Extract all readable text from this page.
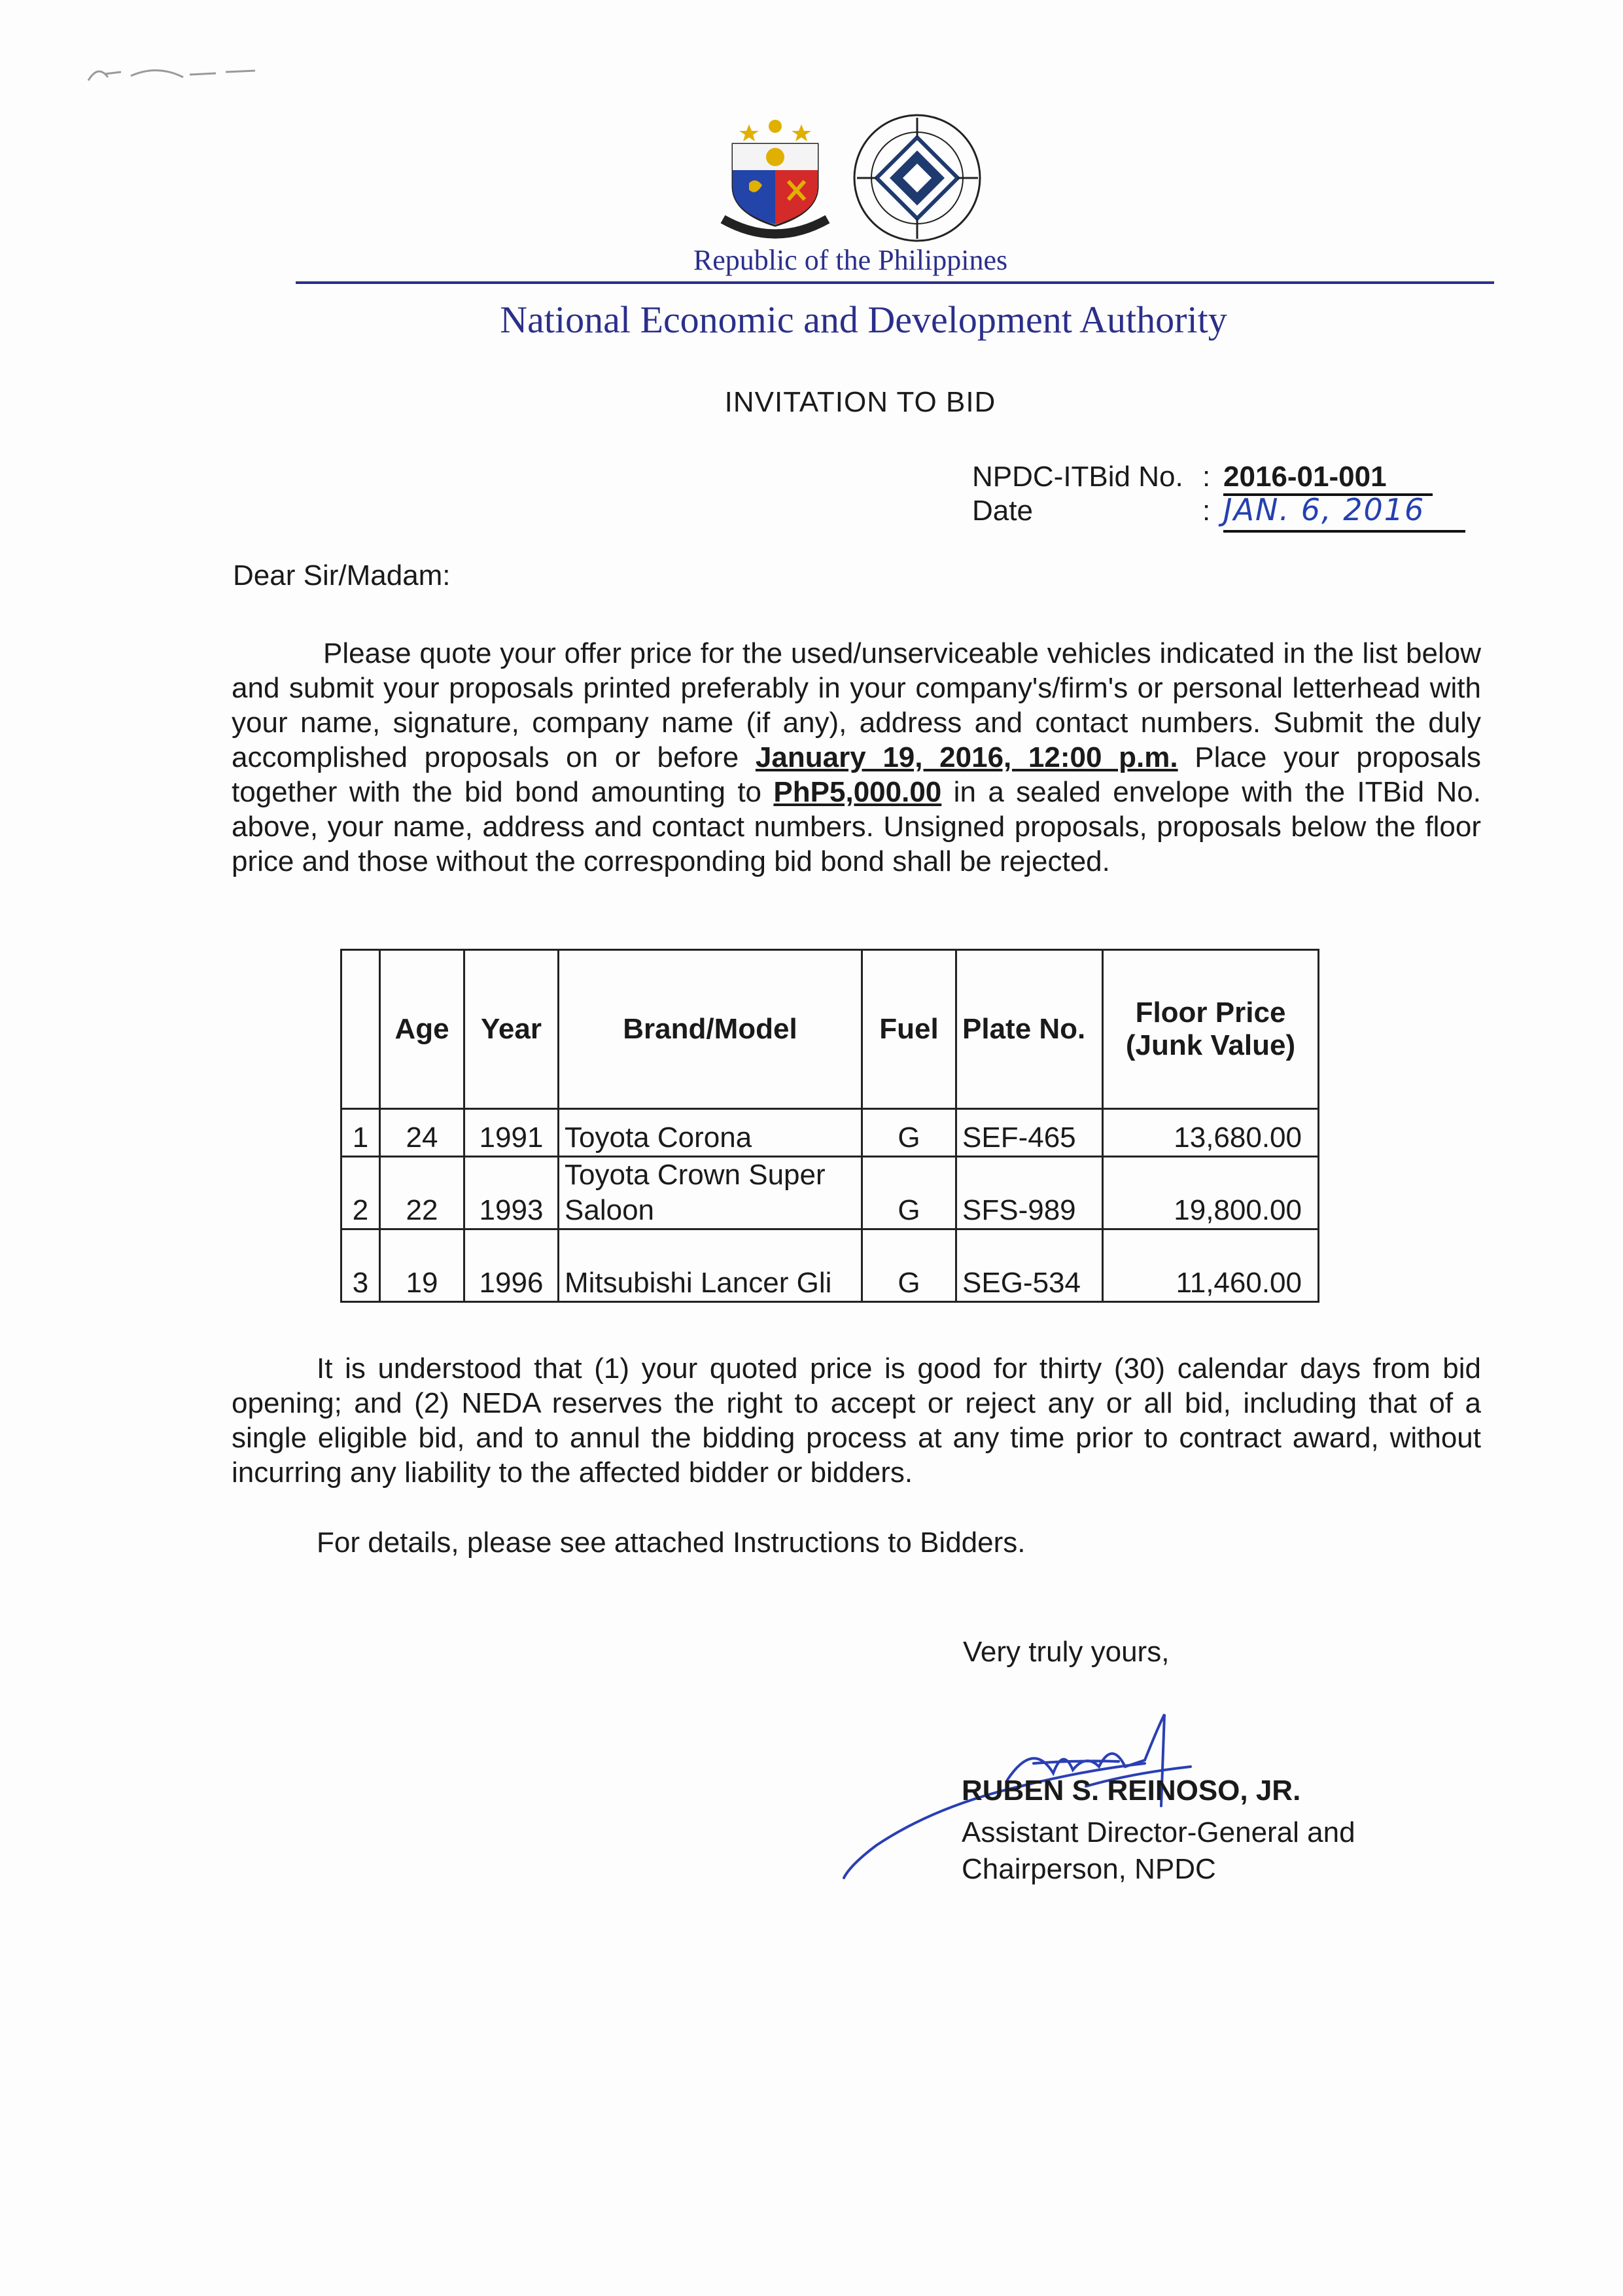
Republic of the Philippines
National Economic and Development Authority
INVITATION TO BID
NPDC-ITBid No. : 2016-01-001
Date	: JAN. 6, 2016
Dear Sir/Madam:
Please quote your offer price for the used/unserviceable vehicles indicated in the list below and submit your proposals printed preferably in your company's/firm's or personal letterhead with your name, signature, company name (if any), address and contact numbers. Submit the duly accomplished proposals on or before January 19, 2016, 12:00 p.m. Place your proposals together with the bid bond amounting to PhP5,000.00 in a sealed envelope with the ITBid No. above, your name, address and contact numbers. Unsigned proposals, proposals below the floor price and those without the corresponding bid bond shall be rejected.
	Age	Year	Brand/Model	Fuel	Plate No.	Floor Price (Junk Value)
1	24	1991	Toyota Corona	G	SEF-465	13,680.00
2	22	1993	Toyota Crown Super Saloon	G	SFS-989	19,800.00
3	19	1996	Mitsubishi Lancer Gli	G	SEG-534	11,460.00
It is understood that (1) your quoted price is good for thirty (30) calendar days from bid opening; and (2) NEDA reserves the right to accept or reject any or all bid, including that of a single eligible bid, and to annul the bidding process at any time prior to contract award, without incurring any liability to the affected bidder or bidders.
For details, please see attached Instructions to Bidders.
Very truly yours,
RUBEN S. REINOSO, JR.
Assistant Director-General and
Chairperson, NPDC
